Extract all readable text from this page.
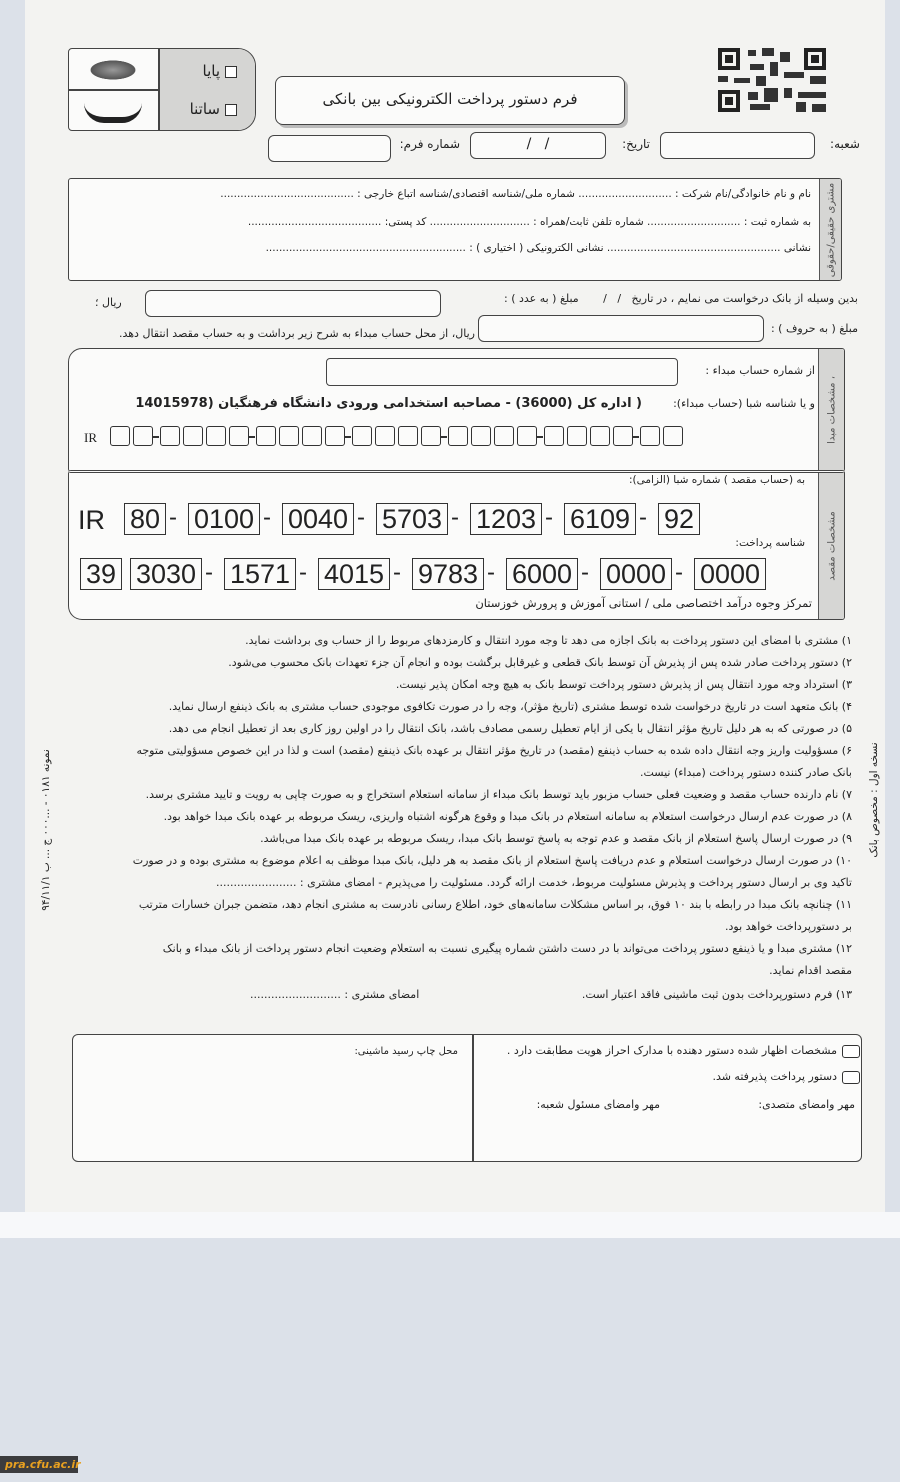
پایا
ساتنا
فرم دستور پرداخت الکترونیکی بین بانکی
شعبه:
تاریخ:
/   /
شماره فرم:
مشتری حقیقی/حقوقی
نام و نام خانوادگی/نام شرکت : ............................ شماره ملی/شناسه اقتصادی/شناسه اتباع خارجی : ........................................
به شماره ثبت : ............................ شماره تلفن ثابت/همراه : .............................. کد پستی: ........................................
نشانی .................................................... نشانی الکترونیکی ( اختیاری ) : ............................................................
بدین وسیله از بانک درخواست می نمایم ، در تاریخ   /   /       مبلغ ( به عدد ) :
ریال ؛
مبلغ ( به حروف ) :
ریال، از محل حساب مبداء به شرح زیر برداشت و به حساب مقصد انتقال دهد.
مشخصات مبدا ،
از شماره حساب مبداء :
و یا شناسه شبا (حساب مبداء):
( اداره کل (36000) - مصاحبه استخدامی ورودی دانشگاه فرهنگیان (14015978
IR
مشخصات مقصد
به (حساب مقصد ) شماره شبا (الزامی):
IR 80 - 0100 - 0040 - 5703 - 1203 - 6109 - 92
شناسه پرداخت:
39 3030 - 1571 - 4015 - 9783 - 6000 - 0000 - 0000
تمرکز وجوه درآمد اختصاصی ملی / استانی آموزش و پرورش خوزستان
۱) مشتری با امضای این دستور پرداخت به بانک اجازه می دهد تا وجه مورد انتقال و کارمزدهای مربوط را از حساب وی برداشت نماید.
۲) دستور پرداخت صادر شده پس از پذیرش آن توسط بانک قطعی و غیرقابل برگشت بوده و انجام آن جزء تعهدات بانک محسوب می‌شود.
۳) استرداد وجه مورد انتقال پس از پذیرش دستور پرداخت توسط بانک به هیچ وجه امکان پذیر نیست.
۴) بانک متعهد است در تاریخ درخواست شده توسط مشتری (تاریخ مؤثر)، وجه را در صورت تکافوی موجودی حساب مشتری به بانک ذینفع ارسال نماید.
۵) در صورتی که به هر دلیل تاریخ مؤثر انتقال با یکی از ایام تعطیل رسمی مصادف باشد، بانک انتقال را در اولین روز کاری بعد از تعطیل انجام می دهد.
۶) مسؤولیت واریز وجه انتقال داده شده به حساب ذینفع (مقصد) در تاریخ مؤثر انتقال بر عهده بانک ذینفع (مقصد) است و لذا در این خصوص مسؤولیتی متوجه
بانک صادر کننده دستور پرداخت (مبداء) نیست.
۷) نام دارنده حساب مقصد و وضعیت فعلی حساب مزبور باید توسط بانک مبداء از سامانه استعلام استخراج و به صورت چاپی به رویت و تایید مشتری برسد.
۸) در صورت عدم ارسال درخواست استعلام به سامانه استعلام در بانک مبدا و وقوع هرگونه اشتباه واریزی، ریسک مربوطه بر عهده بانک مبدا خواهد بود.
۹) در صورت ارسال پاسخ استعلام از بانک مقصد و عدم توجه به پاسخ توسط بانک مبدا، ریسک مربوطه بر عهده بانک مبدا می‌باشد.
۱۰) در صورت ارسال درخواست استعلام و عدم دریافت پاسخ استعلام از بانک مقصد به هر دلیل، بانک مبدا موظف به اعلام موضوع به مشتری بوده و در صورت
تاکید وی بر ارسال دستور پرداخت و پذیرش مسئولیت مربوط، خدمت ارائه گردد. مسئولیت را می‌پذیرم - امضای مشتری : .......................
۱۱) چنانچه بانک مبدا در رابطه با بند ۱۰ فوق، بر اساس مشکلات سامانه‌های خود، اطلاع رسانی نادرست به مشتری انجام دهد، متضمن جبران خسارات مترتب
بر دستورپرداخت خواهد بود.
۱۲) مشتری مبدا و یا ذینفع دستور پرداخت می‌تواند با در دست داشتن شماره پیگیری نسبت به استعلام وضعیت انجام دستور پرداخت از بانک مبداء و بانک
مقصد اقدام نماید.
۱۳) فرم دستورپرداخت بدون ثبت ماشینی فاقد اعتبار است.
امضای مشتری : ..........................
مشخصات اظهار شده دستور دهنده با مدارک احراز هویت مطابقت دارد .
دستور پرداخت پذیرفته شد.
مهر وامضای متصدی:
مهر وامضای مسئول شعبه:
محل چاپ رسید ماشینی:
نمونه ۰۱۸۱ - ...۰۰۰ ج ... ب ۹۴/۱۱/۱	نسخه اول : مخصوص بانک
pra.cfu.ac.ir
